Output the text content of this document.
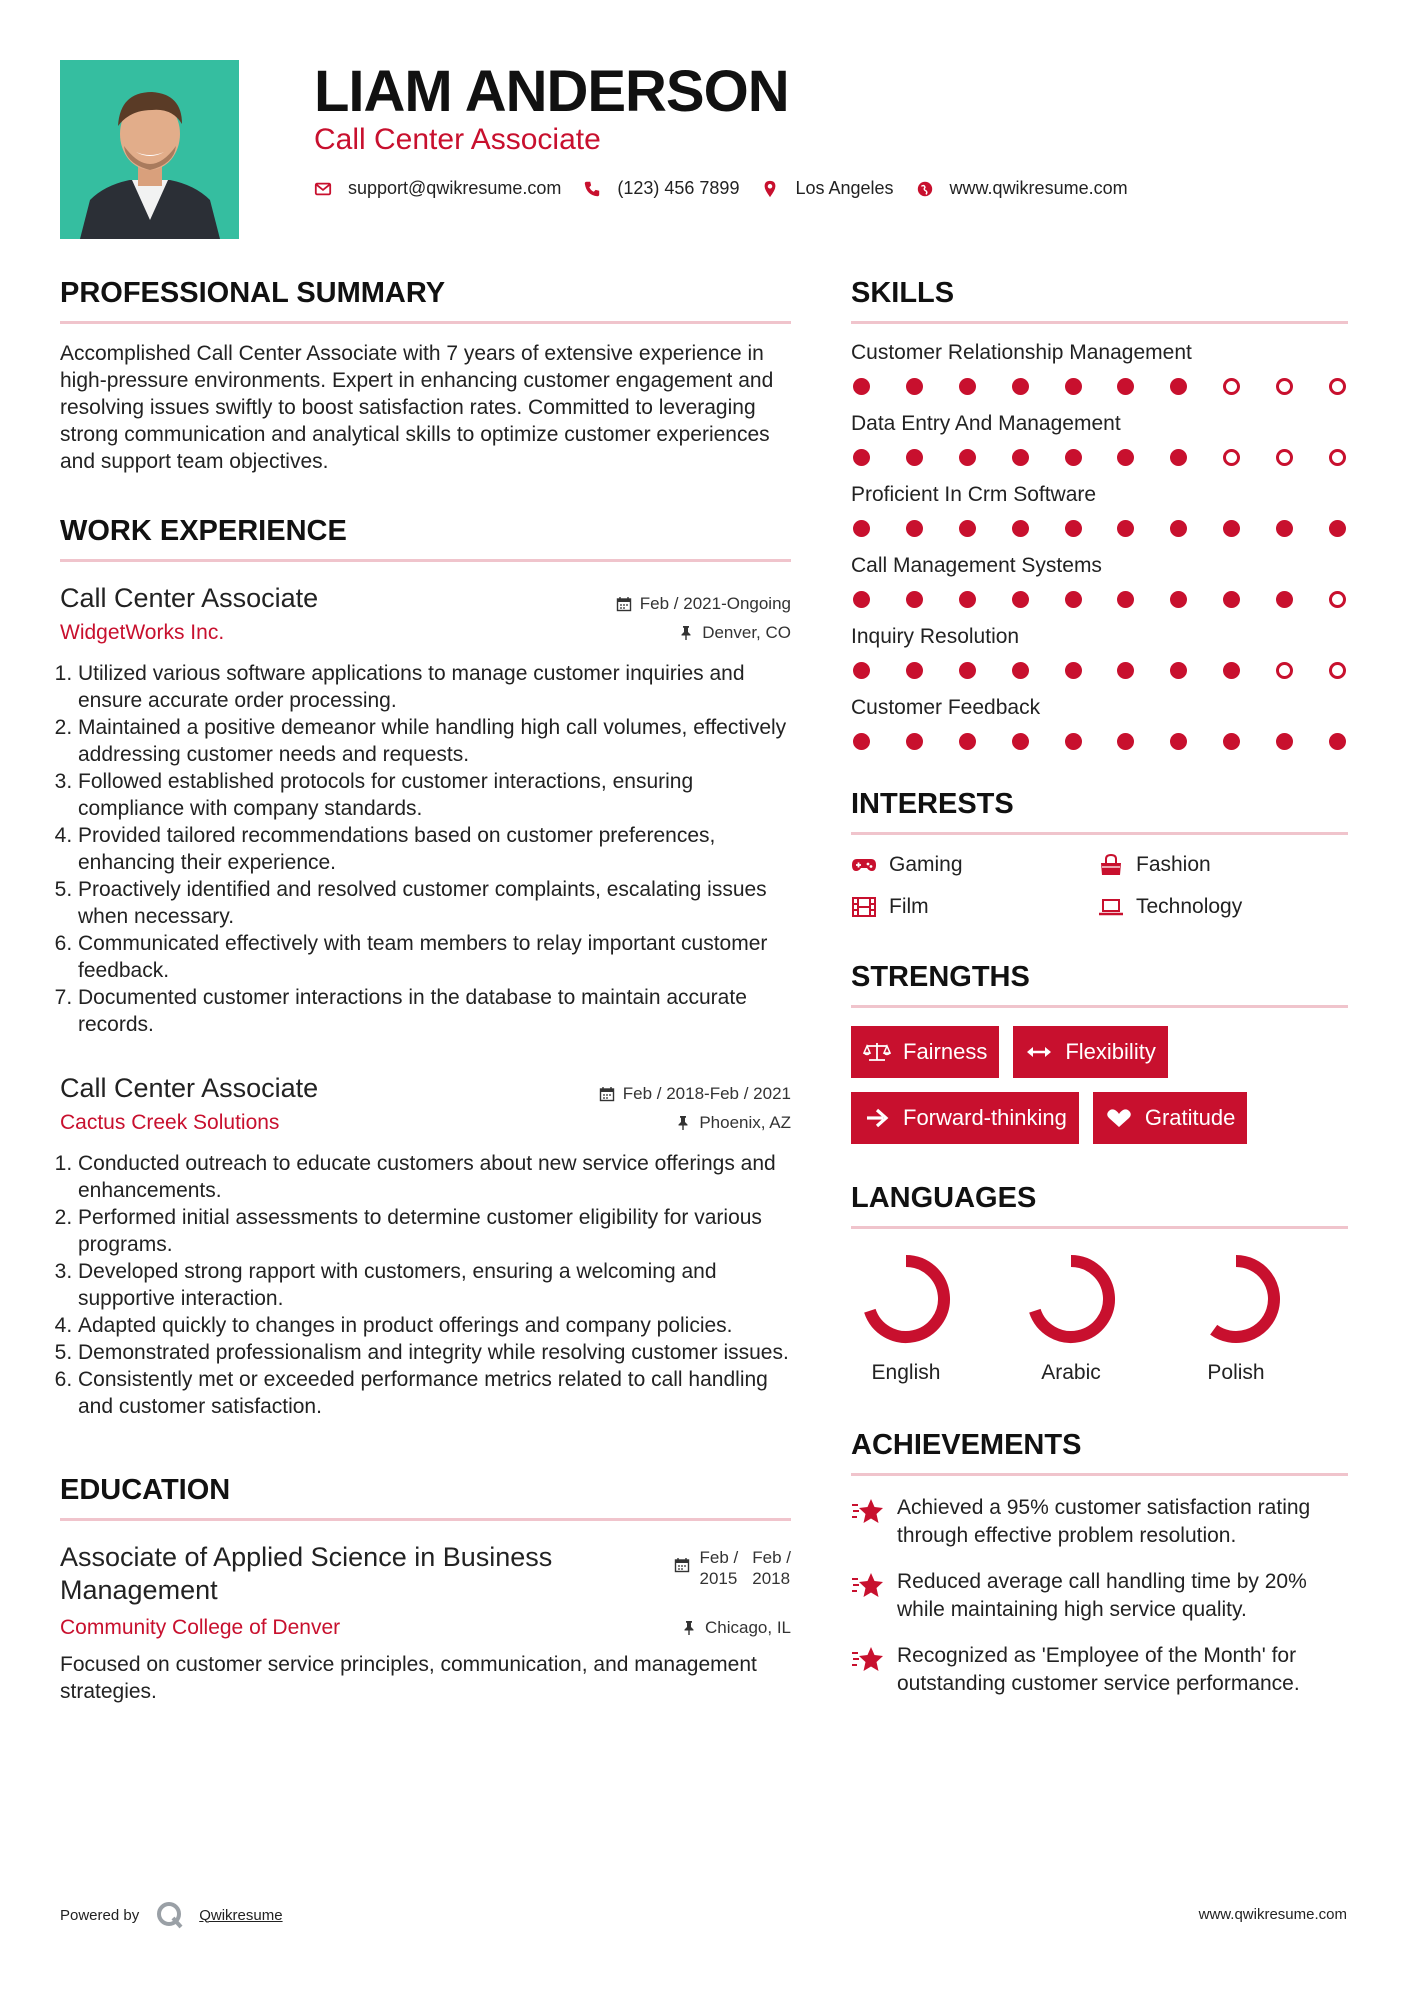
LIAM ANDERSON
Call Center Associate
support@qwikresume.com	(123) 456 7899	Los Angeles	www.qwikresume.com
PROFESSIONAL SUMMARY

Accomplished Call Center Associate with 7 years of extensive experience in high-pressure environments. Expert in enhancing customer engagement and resolving issues swiftly to boost satisfaction rates. Committed to leveraging strong communication and analytical skills to optimize customer experiences and support team objectives.

WORK EXPERIENCE
Call Center Associate	Feb / 2021-Ongoing
WidgetWorks Inc.	Denver, CO
1. Utilized various software applications to manage customer inquiries and ensure accurate order processing.
2. Maintained a positive demeanor while handling high call volumes, effectively addressing customer needs and requests.
3. Followed established protocols for customer interactions, ensuring compliance with company standards.
4. Provided tailored recommendations based on customer preferences, enhancing their experience.
5. Proactively identified and resolved customer complaints, escalating issues when necessary.
6. Communicated effectively with team members to relay important customer feedback.
7. Documented customer interactions in the database to maintain accurate records.
Call Center Associate	Feb / 2018-Feb / 2021
Cactus Creek Solutions	Phoenix, AZ
1. Conducted outreach to educate customers about new service offerings and enhancements.
2. Performed initial assessments to determine customer eligibility for various programs.
3. Developed strong rapport with customers, ensuring a welcoming and supportive interaction.
4. Adapted quickly to changes in product offerings and company policies.
5. Demonstrated professionalism and integrity while resolving customer issues.
6. Consistently met or exceeded performance metrics related to call handling and customer satisfaction.
EDUCATION
Associate of Applied Science in Business Management
Feb /
2015
Feb /
2018
Community College of Denver	Chicago, IL

Focused on customer service principles, communication, and management strategies.

SKILLS
Customer Relationship Management
Data Entry And Management
Proficient In Crm Software
Call Management Systems
Inquiry Resolution
Customer Feedback
INTERESTS
Gaming	Fashion
Film	Technology
STRENGTHS
Fairness	Flexibility
Forward-thinking	Gratitude
LANGUAGES
English	Arabic	Polish
ACHIEVEMENTS
Achieved a 95% customer satisfaction rating through effective problem resolution.
Reduced average call handling time by 20% while maintaining high service quality.
Recognized as 'Employee of the Month' for outstanding customer service performance.
Powered by	Qwikresume	www.qwikresume.com
